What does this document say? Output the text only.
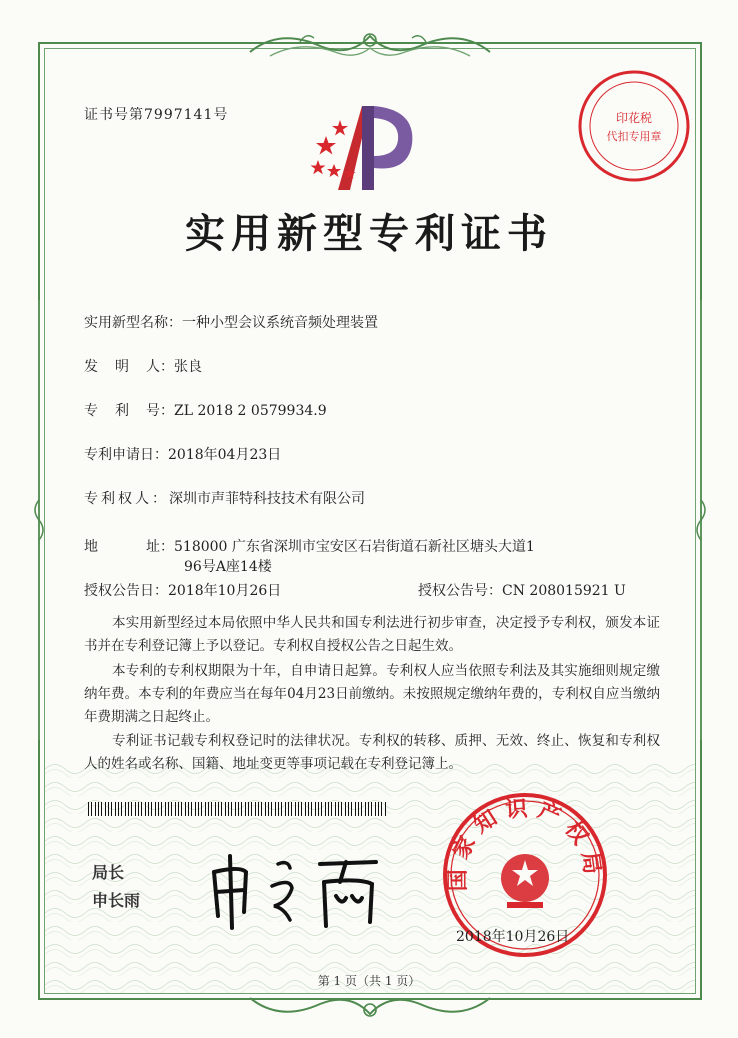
证书号第7997141号	印花税
代扣专用章
实用新型专利证书
实用新型名称：一种小型会议系统音频处理装置
发 明 人： 张良
专 利 号： ZL 2018 2 0579934.9
专利申请日：2018年04月23日
专利权人：深圳市声菲特科技技术有限公司
地	址： 518000 广东省深圳市宝安区石岩街道石新社区塘头大道1
96号A座14楼
授权公告日：2018年10月26日	授权公告号：CN 208015921 U
本实用新型经过本局依照中华人民共和国专利法进行初步审查，决定授予专利权，颁发本证书并在专利登记簿上予以登记。专利权自授权公告之日起生效。
本专利的专利权期限为十年，自申请日起算。专利权人应当依照专利法及其实施细则规定缴纳年费。本专利的年费应当在每年04月23日前缴纳。未按照规定缴纳年费的，专利权自应当缴纳年费期满之日起终止。
专利证书记载专利权登记时的法律状况。专利权的转移、质押、无效、终止、恢复和专利权人的姓名或名称、国籍、地址变更等事项记载在专利登记簿上。
局长
申长雨
国家知识产权局
2018年10月26日
第 1 页（共 1 页）
